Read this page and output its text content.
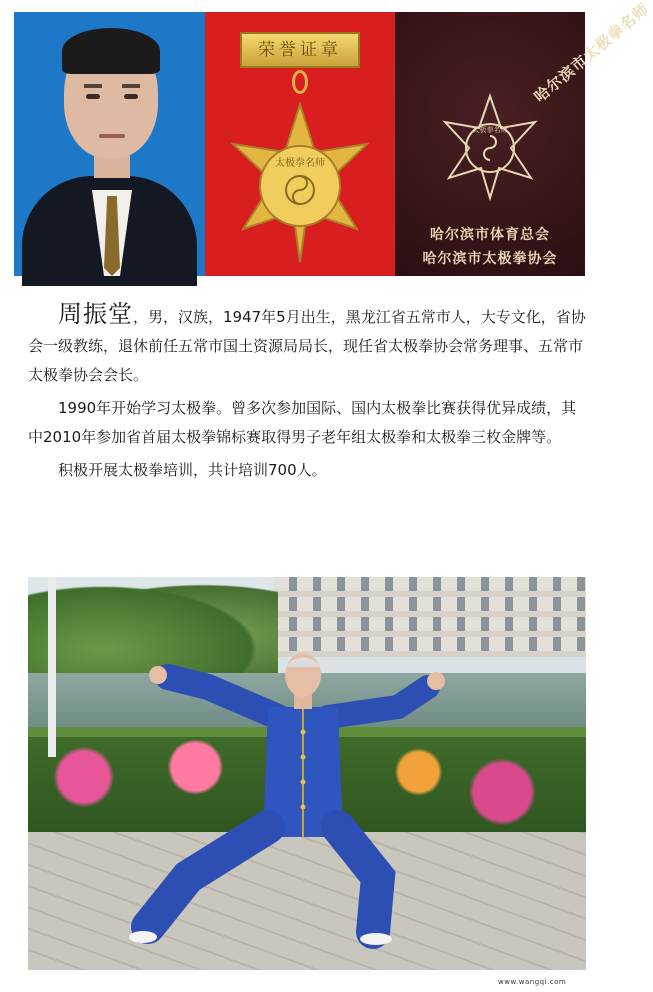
荣誉证章
太极拳名师
哈尔滨市太极拳名师
太极拳名师
哈尔滨市体育总会
哈尔滨市太极拳协会

周振堂，男，汉族，1947年5月出生，黑龙江省五常市人，大专文化，省协会一级教练，退休前任五常市国土资源局局长，现任省太极拳协会常务理事、五常市太极拳协会会长。

1990年开始学习太极拳。曾多次参加国际、国内太极拳比赛获得优异成绩，其中2010年参加省首届太极拳锦标赛取得男子老年组太极拳和太极拳三枚金牌等。

积极开展太极拳培训，共计培训700人。

www.wangqi.com
